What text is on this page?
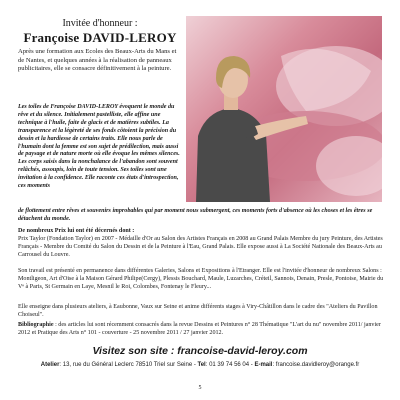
Invitée d'honneur :
Françoise DAVID-LEROY
Après une formation aux Ecoles des Beaux-Arts du Mans et de Nantes, et quelques années à la réalisation de panneaux publicitaires, elle se consacre définitivement à la peinture.
Les toiles de Françoise DAVID-LEROY évoquent le monde du rêve et du silence. Initialement pastelliste, elle affine une technique à l'huile, faite de glacis et de matières subtiles. La transparence et la légèreté de ses fonds côtoient la précision du dessin et la hardiesse de certains traits. Elle nous parle de l'humain dont la femme est son sujet de prédilection, mais aussi de paysage et de nature morte où elle évoque les mêmes silences. Les corps saisis dans la nonchalance de l'abandon sont souvent relâchés, assoupis, loin de toute tension. Ses toiles sont une invitation à la confidence. Elle raconte ces états d'introspection, ces moments
de flottement entre rêves et souvenirs improbables qui par moment nous submergent, ces moments forts d'absence où les choses et les êtres se détachent du monde.
De nombreux Prix lui ont été décernés dont :
Prix Taylor (Fondation Taylor) en 2007 - Médaille d'Or au Salon des Artistes Français en 2008 au Grand Palais Membre du jury Peinture, des Artistes Français - Membre du Comité du Salon du Dessin et de la Peinture à l'Eau, Grand Palais. Elle expose aussi à La Société Nationale des Beaux-Arts au Carrousel du Louvre.
Son travail est présenté en permanence dans différentes Galeries, Salons et Expositions à l'Etranger. Elle est l'invitée d'honneur de nombreux Salons : Montligeon, Art d'Oise à la Maison Gérard Philipe(Cergy), Plessis Bouchard, Maule, Luzarches, Créteil, Sannois, Denain, Presle, Pontoise, Mairie du Vᵉ à Paris, St Germain en Laye, Mesnil le Roi, Colombes, Fontenay le Fleury...
Elle enseigne dans plusieurs ateliers, à Eaubonne, Vaux sur Seine et anime différents stages à Viry-Châtillon dans le cadre des "Ateliers du Pavillon Choiseul".
Bibliographie : des articles lui sont récemment consacrés dans la revue Dessins et Peintures n° 28 Thématique "L'art du nu" novembre 2011/ janvier 2012 et Pratique des Arts n° 101 - couverture - 25 novembre 2011 / 27 janvier 2012.
Visitez son site : francoise-david-leroy.com
Atelier: 13, rue du Général Leclerc 78510 Triel sur Seine - Tel: 01 39 74 56 04 - E-mail: francoise.davidleroy@orange.fr
5
